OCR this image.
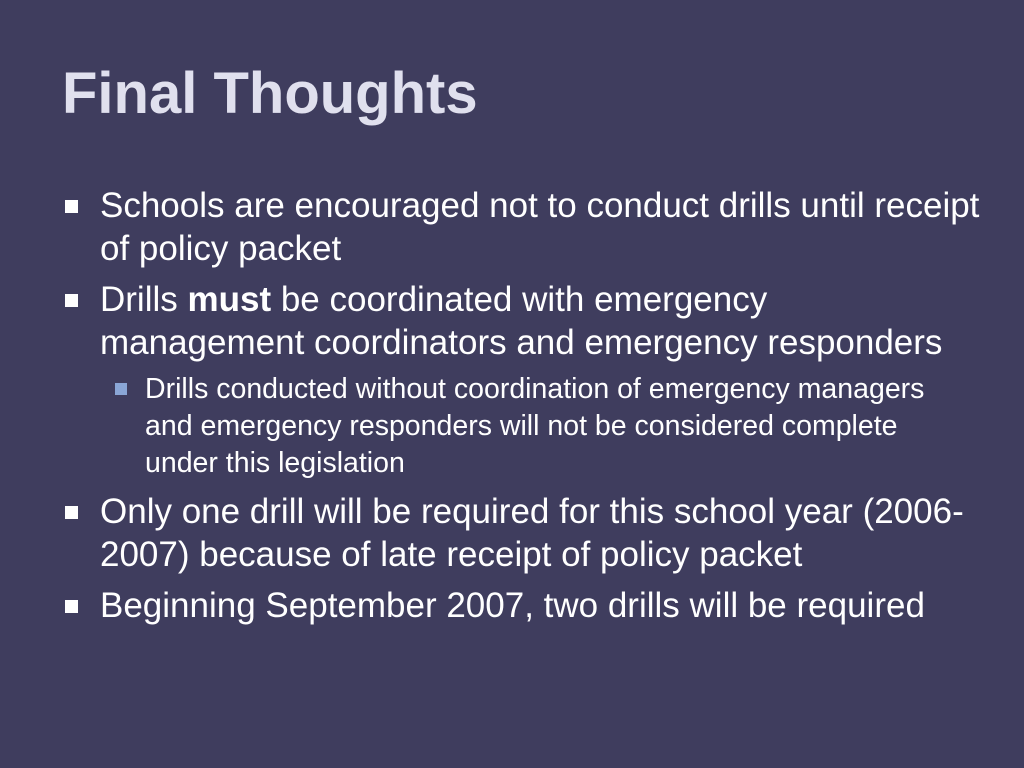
Final Thoughts
Schools are encouraged not to conduct drills until receipt of policy packet
Drills must be coordinated with emergency management coordinators and emergency responders
Drills conducted without coordination of emergency managers and emergency responders will not be considered complete under this legislation
Only one drill will be required for this school year (2006-2007) because of late receipt of policy packet
Beginning September 2007, two drills will be required
